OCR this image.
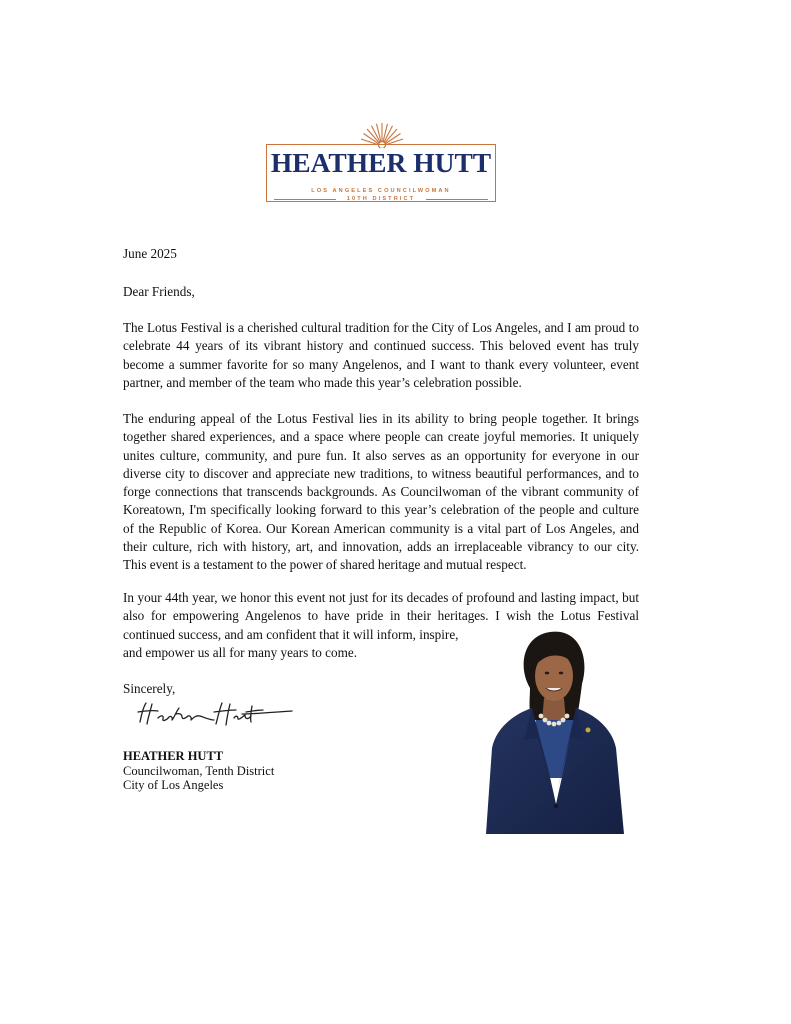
HEATHER HUTT
LOS ANGELES COUNCILWOMAN
10TH DISTRICT
June 2025
Dear Friends,
The Lotus Festival is a cherished cultural tradition for the City of Los Angeles, and I am proud to celebrate 44 years of its vibrant history and continued success. This beloved event has truly become a summer favorite for so many Angelenos, and I want to thank every volunteer, event partner, and member of the team who made this year’s celebration possible.
The enduring appeal of the Lotus Festival lies in its ability to bring people together. It brings together shared experiences, and a space where people can create joyful memories. It uniquely unites culture, community, and pure fun. It also serves as an opportunity for everyone in our diverse city to discover and appreciate new traditions, to witness beautiful performances, and to forge connections that transcends backgrounds. As Councilwoman of the vibrant community of Koreatown, I'm specifically looking forward to this year’s celebration of the people and culture of the Republic of Korea. Our Korean American community is a vital part of Los Angeles, and their culture, rich with history, art, and innovation, adds an irreplaceable vibrancy to our city. This event is a testament to the power of shared heritage and mutual respect.
In your 44th year, we honor this event not just for its decades of profound and lasting impact, but also for empowering Angelenos to have pride in their heritages. I wish the Lotus Festival continued success, and am confident that it will inform, inspire,
and empower us all for many years to come.
Sincerely,
HEATHER HUTT
Councilwoman, Tenth District
City of Los Angeles
